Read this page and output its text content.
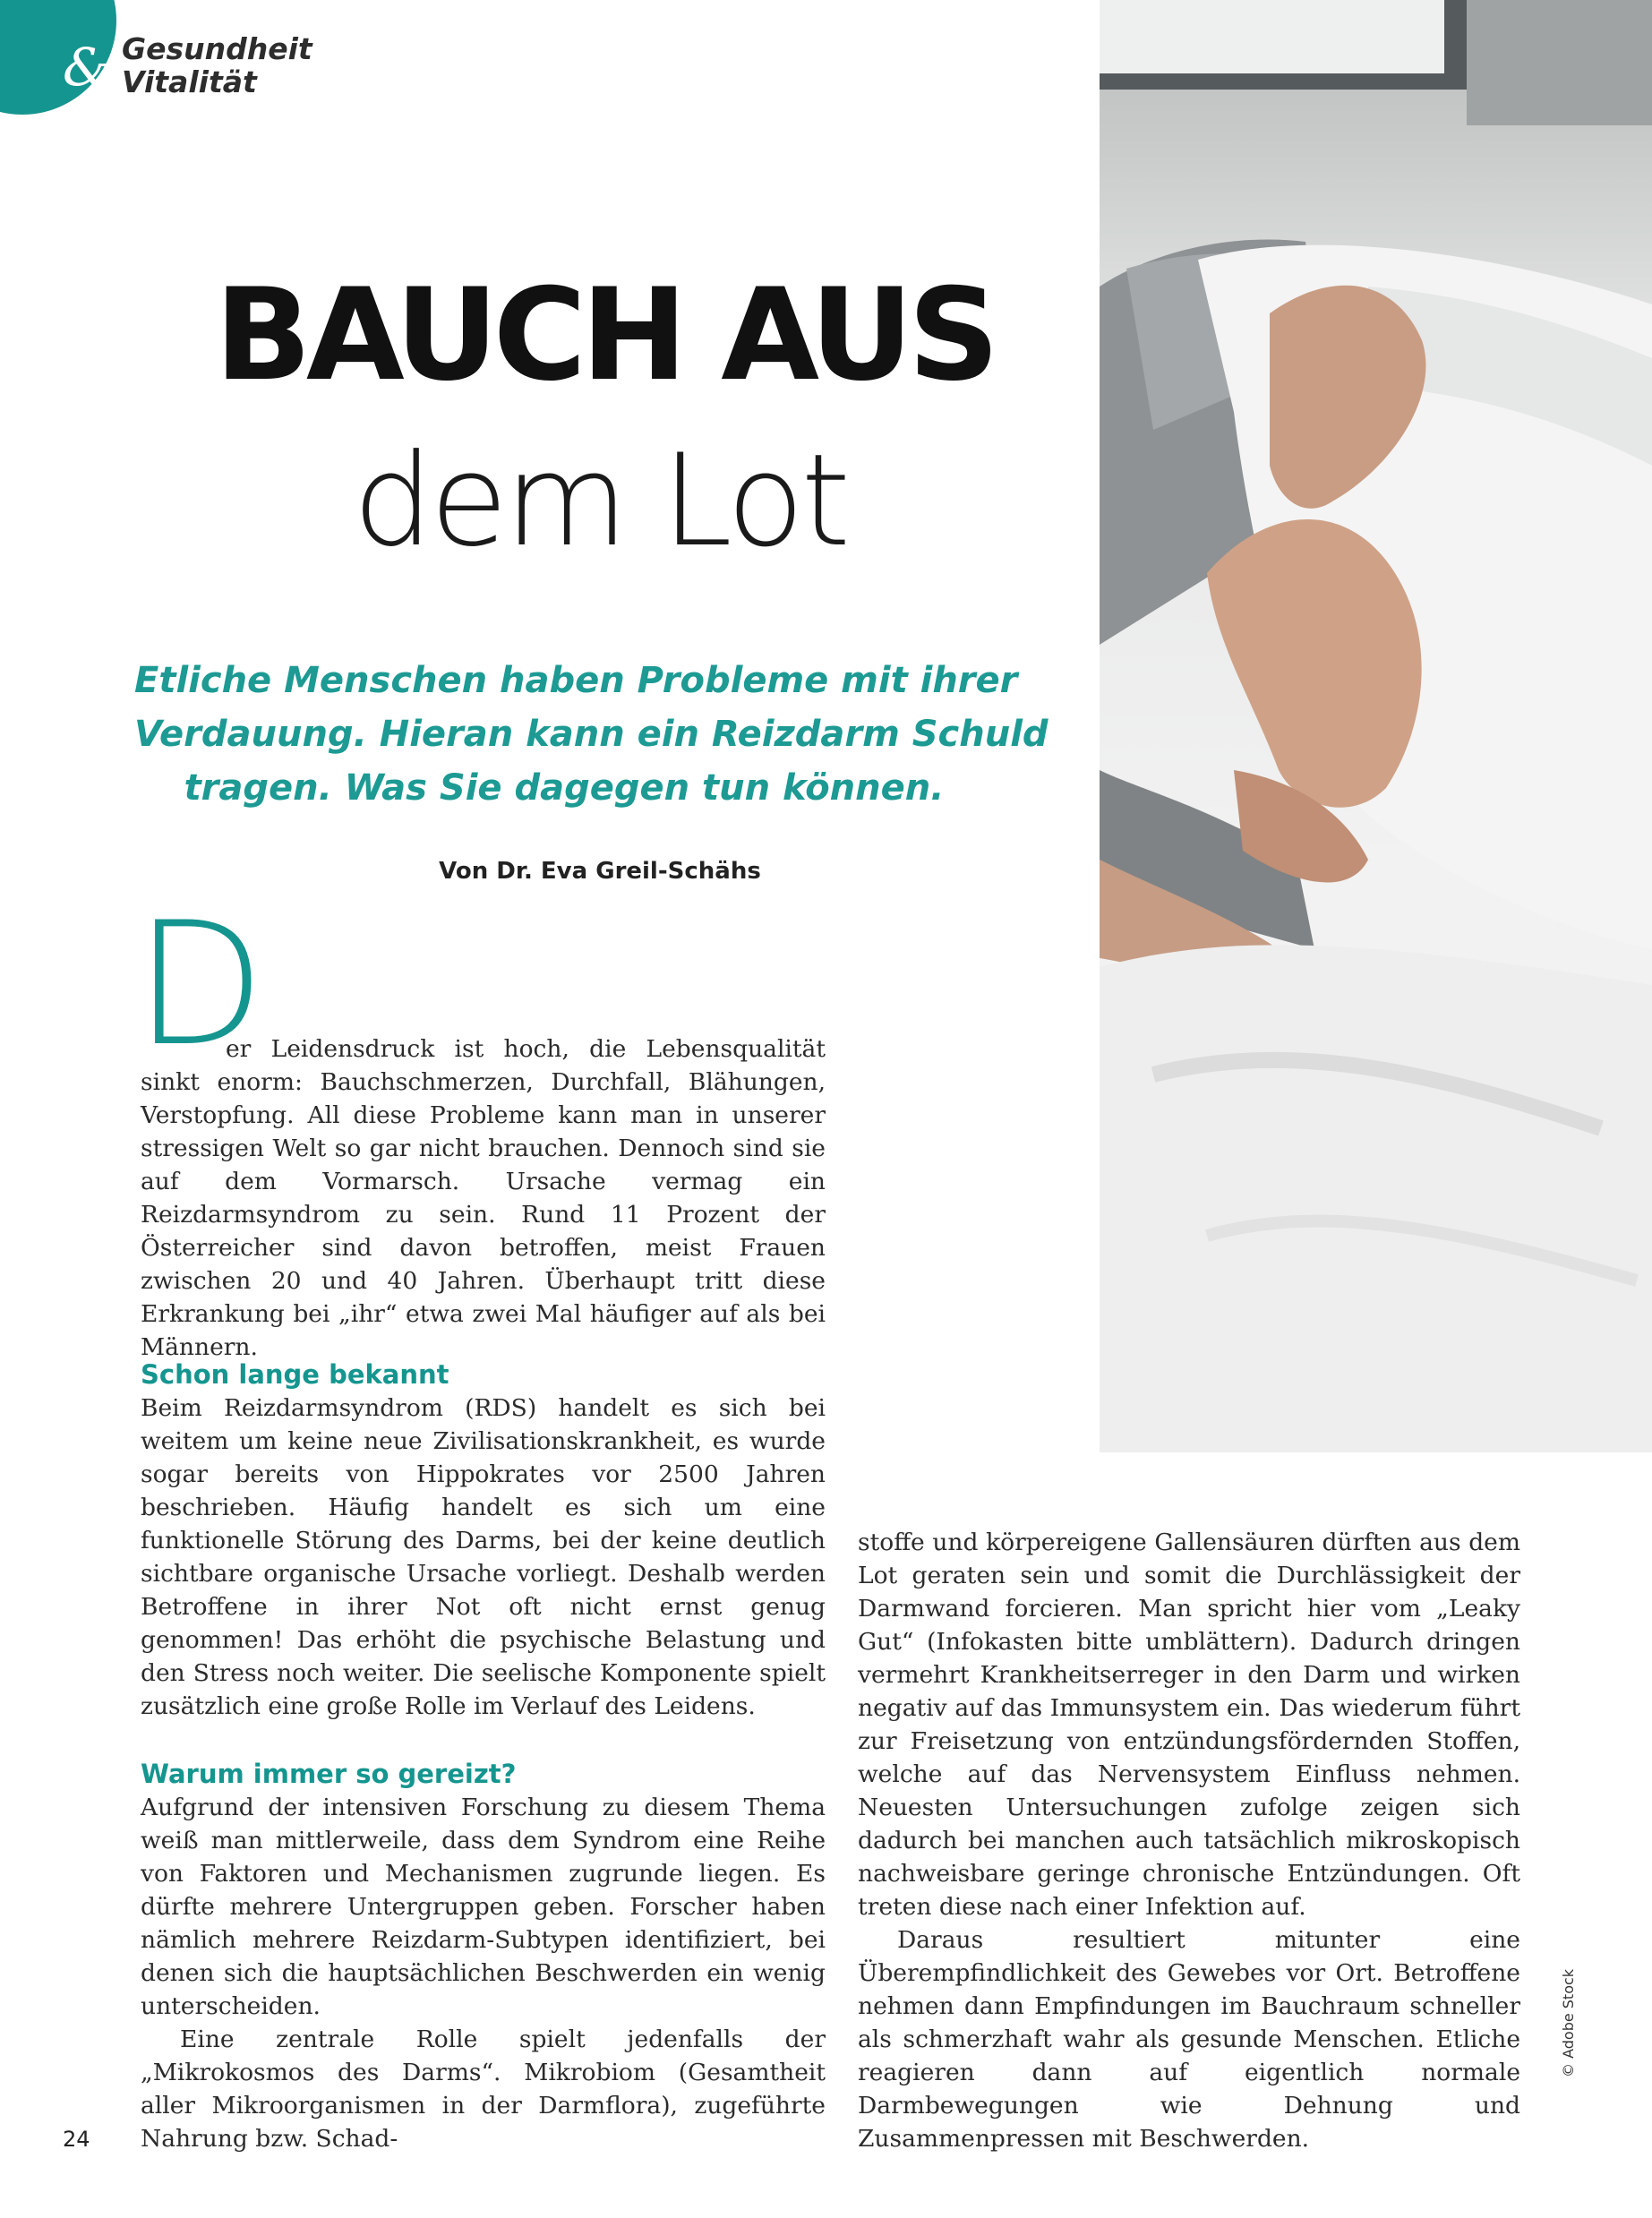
& Gesundheit
Vitalität
BAUCH AUS
dem Lot
Etliche Menschen haben Probleme mit ihrer
Verdauung. Hieran kann ein Reizdarm Schuld
tragen. Was Sie dagegen tun können.
Von Dr. Eva Greil-Schähs
D

er Leidensdruck ist hoch, die Lebensqualität sinkt enorm: Bauchschmerzen, Durchfall, Blähungen, Verstopfung. All diese Probleme kann man in unserer stressigen Welt so gar nicht brauchen. Dennoch sind sie auf dem Vormarsch. Ursache vermag ein Reizdarmsyndrom zu sein. Rund 11 Prozent der Österreicher sind davon betroffen, meist Frauen zwischen 20 und 40 Jahren. Überhaupt tritt diese Erkrankung bei „ihr“ etwa zwei Mal häufiger auf als bei Männern.

Schon lange bekannt

Beim Reizdarmsyndrom (RDS) handelt es sich bei weitem um keine neue Zivilisationskrankheit, es wurde sogar bereits von Hippokrates vor 2500 Jahren beschrieben. Häufig handelt es sich um eine funktionelle Störung des Darms, bei der keine deutlich sichtbare organische Ursache vorliegt. Deshalb werden Betroffene in ihrer Not oft nicht ernst genug genommen! Das erhöht die psychische Belastung und den Stress noch weiter. Die seelische Komponente spielt zusätzlich eine große Rolle im Verlauf des Leidens.

Warum immer so gereizt?

Aufgrund der intensiven Forschung zu diesem Thema weiß man mittlerweile, dass dem Syndrom eine Reihe von Faktoren und Mechanismen zugrunde liegen. Es dürfte mehrere Untergruppen geben. Forscher haben nämlich mehrere Reizdarm-Subtypen identifiziert, bei denen sich die hauptsächlichen Beschwerden ein wenig unterscheiden.

Eine zentrale Rolle spielt jedenfalls der „Mikrokosmos des Darms“. Mikrobiom (Gesamtheit aller Mikroorganismen in der Darmflora), zugeführte Nahrung bzw. Schad-

stoffe und körpereigene Gallensäuren dürften aus dem Lot geraten sein und somit die Durchlässigkeit der Darmwand forcieren. Man spricht hier vom „Leaky Gut“ (Infokasten bitte umblättern). Dadurch dringen vermehrt Krankheitserreger in den Darm und wirken negativ auf das Immunsystem ein. Das wiederum führt zur Freisetzung von entzündungsfördernden Stoffen, welche auf das Nervensystem Einfluss nehmen. Neuesten Untersuchungen zufolge zeigen sich dadurch bei manchen auch tatsächlich mikroskopisch nachweisbare geringe chronische Entzündungen. Oft treten diese nach einer Infektion auf.

Daraus resultiert mitunter eine Überempfindlichkeit des Gewebes vor Ort. Betroffene nehmen dann Empfindungen im Bauchraum schneller als schmerzhaft wahr als gesunde Menschen. Etliche reagieren dann auf eigentlich normale Darmbewegungen wie Dehnung und Zusammenpressen mit Beschwerden.

© Adobe Stock
24
